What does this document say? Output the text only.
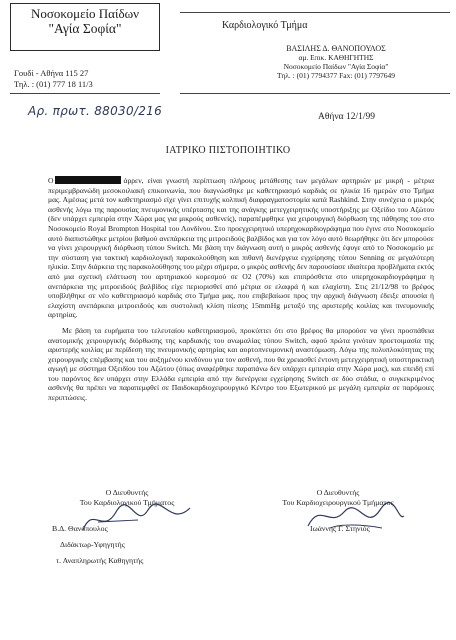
Νοσοκομείο Παίδων
"Αγία Σοφία"	Καρδιολογικό Τμήμα
Γουδί - Αθήνα 115 27
Τηλ. : (01) 777 18 11/3
ΒΑΣΙΛΗΣ Δ. ΘΑΝΟΠΟΥΛΟΣ
αμ. Επικ. ΚΑΘΗΓΗΤΗΣ
Νοσοκομείο Παίδων "Αγία Σοφία"
Τηλ. : (01) 7794377 Fax: (01) 7797649
Αρ. πρωτ. 88030/216	Αθήνα 12/1/99
ΙΑΤΡΙΚΟ ΠΙΣΤΟΠΟΙΗΤΙΚΟ

Ο	άρρεν, είναι γνωστή περίπτωση πλήρους μετάθεσης των μεγάλων αρτηριών με μικρή - μέτρια περιμεμβρανώδη μεσοκοιλιακή επικοινωνία, που διαγνώσθηκε με καθετηριασμό καρδιάς σε ηλικία 16 ημερών στο Τμήμα μας. Αμέσως μετά τον καθετηριασμό είχε γίνει επιτυχής κολπική διαφραγματοστομία κατά Rashkind. Στην συνέχεια ο μικρός ασθενής λόγω της παρουσίας πνευμονικής υπέρτασης και της ανάγκης μετεγχειρητικής υποστήριξης με Οξείδιο του Αζώτου (δεν υπάρχει εμπειρία στην Χώρα μας για μικρούς ασθενείς), παραπέμφθηκε για χειρουργική διόρθωση της πάθησης του στο Νοσοκομείο Royal Brompton Hospital του Λονδίνου. Στο προεγχειρητικό υπερηχοκαρδιογράφημα που έγινε στο Νοσοκομείο αυτό διαπιστώθηκε μετρίου βαθμού ανεπάρκεια της μιτροειδούς βαλβίδος και για τον λόγο αυτό θεωρήθηκε ότι δεν μπορούσε να γίνει χειρουργική διόρθωση τύπου Switch. Με βάση την διάγνωση αυτή ο μικρός ασθενής έφυγε από το Νοσοκομείο με την σύσταση για τακτική καρδιολογική παρακολούθηση και πιθανή διενέργεια εγχείρησης τύπου Senning σε μεγαλύτερη ηλικία. Στην διάρκεια της παρακολούθησης του μέχρι σήμερα, ο μικρός ασθενής δεν παρουσίασε ιδιαίτερα προβλήματα εκτός από μια σχετική ελάττωση του αρτηριακού κορεσμού σε Ο2 (70%) και επιπρόσθετα στο υπερηχοκαρδιογράφημα η ανεπάρκεια της μιτροειδούς βαλβίδος είχε περιορισθεί από μέτρια σε ελαφρά ή και ελαχίστη. Στις 21/12/98 το βρέφος υποβλήθηκε σε νέο καθετηριασμό καρδιάς στο Τμήμα μας, που επιβεβαίωσε προς την αρχική διάγνωση έδειξε απουσία ή ελαχίστη ανεπάρκεια μιτροειδούς και συστολική κλίση πίεσης 15mmHg μεταξύ της αριστερής κοιλίας και πνευμονικής αρτηρίας.

Με βάση τα ευρήματα του τελευταίου καθετηριασμού, προκύπτει ότι στο βρέφος θα μπορούσε να γίνει προσπάθεια ανατομικής χειρουργικής διόρθωσης της καρδιακής του ανωμαλίας τύπου Switch, αφού πρώτα γινόταν προετοιμασία της αριστερής κοιλίας με περίδεση της πνευμονικής αρτηρίας και αορτοπνευμονική αναστόμωση. Λόγω της πολυπλοκότητας της χειρουργικής επέμβασης και του αυξημένου κινδύνου για τον ασθενή, που θα χρειασθεί έντονη μετεγχειρητική υποστηρικτική αγωγή με σύστημα Οξειδίου του Αζώτου (όπως αναφέρθηκε παραπάνω δεν υπάρχει εμπειρία στην Χώρα μας), και επειδή επί του παρόντος δεν υπάρχει στην Ελλάδα εμπειρία από την διενέργεια εγχείρησης Switch σε δύο στάδια, ο συγκεκριμένος ασθενής θα πρέπει να παραπεμφθεί σε Παιδοκαρδιοχειρουργικό Κέντρο του Εξωτερικού με μεγάλη εμπειρία σε παρόμοιες περιπτώσεις.

Ο Διευθυντής
Του Καρδιολογικού Τμήματος
Ο Διευθυντής
Του Καρδιοχειρουργικού Τμήματος
Β.Δ. Θανόπουλος
Διδάκτωρ-Υφηγητής
τ. Αναπληρωτής Καθηγητής
Ιωάννης Γ. Στηνιός
